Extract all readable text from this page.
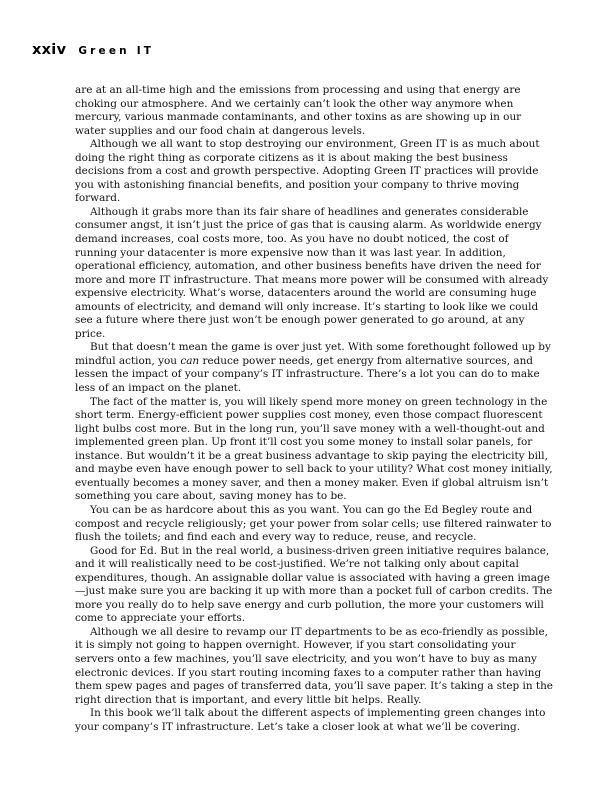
xxiv Green IT

are at an all-time high and the emissions from processing and using that energy are choking our atmosphere. And we certainly can’t look the other way anymore when mercury, various manmade contaminants, and other toxins as are showing up in our water supplies and our food chain at dangerous levels.

Although we all want to stop destroying our environment, Green IT is as much about doing the right thing as corporate citizens as it is about making the best business decisions from a cost and growth perspective. Adopting Green IT practices will provide you with astonishing financial benefits, and position your company to thrive moving forward.

Although it grabs more than its fair share of headlines and generates considerable consumer angst, it isn’t just the price of gas that is causing alarm. As worldwide energy demand increases, coal costs more, too. As you have no doubt noticed, the cost of running your datacenter is more expensive now than it was last year. In addition, operational efficiency, automation, and other business benefits have driven the need for more and more IT infrastructure. That means more power will be consumed with already expensive electricity. What’s worse, datacenters around the world are consuming huge amounts of electricity, and demand will only increase. It’s starting to look like we could see a future where there just won’t be enough power generated to go around, at any price.

But that doesn’t mean the game is over just yet. With some forethought followed up by mindful action, you can reduce power needs, get energy from alternative sources, and lessen the impact of your company’s IT infrastructure. There’s a lot you can do to make less of an impact on the planet.

The fact of the matter is, you will likely spend more money on green technology in the short term. Energy-efficient power supplies cost money, even those compact fluorescent light bulbs cost more. But in the long run, you’ll save money with a well-thought-out and implemented green plan. Up front it’ll cost you some money to install solar panels, for instance. But wouldn’t it be a great business advantage to skip paying the electricity bill, and maybe even have enough power to sell back to your utility? What cost money initially, eventually becomes a money saver, and then a money maker. Even if global altruism isn’t something you care about, saving money has to be.

You can be as hardcore about this as you want. You can go the Ed Begley route and compost and recycle religiously; get your power from solar cells; use filtered rainwater to flush the toilets; and find each and every way to reduce, reuse, and recycle.

Good for Ed. But in the real world, a business-driven green initiative requires balance, and it will realistically need to be cost-justified. We’re not talking only about capital expenditures, though. An assignable dollar value is associated with having a green image—just make sure you are backing it up with more than a pocket full of carbon credits. The more you really do to help save energy and curb pollution, the more your customers will come to appreciate your efforts.

Although we all desire to revamp our IT departments to be as eco-friendly as possible, it is simply not going to happen overnight. However, if you start consolidating your servers onto a few machines, you’ll save electricity, and you won’t have to buy as many electronic devices. If you start routing incoming faxes to a computer rather than having them spew pages and pages of transferred data, you’ll save paper. It’s taking a step in the right direction that is important, and every little bit helps. Really.

In this book we’ll talk about the different aspects of implementing green changes into your company’s IT infrastructure. Let’s take a closer look at what we’ll be covering.
